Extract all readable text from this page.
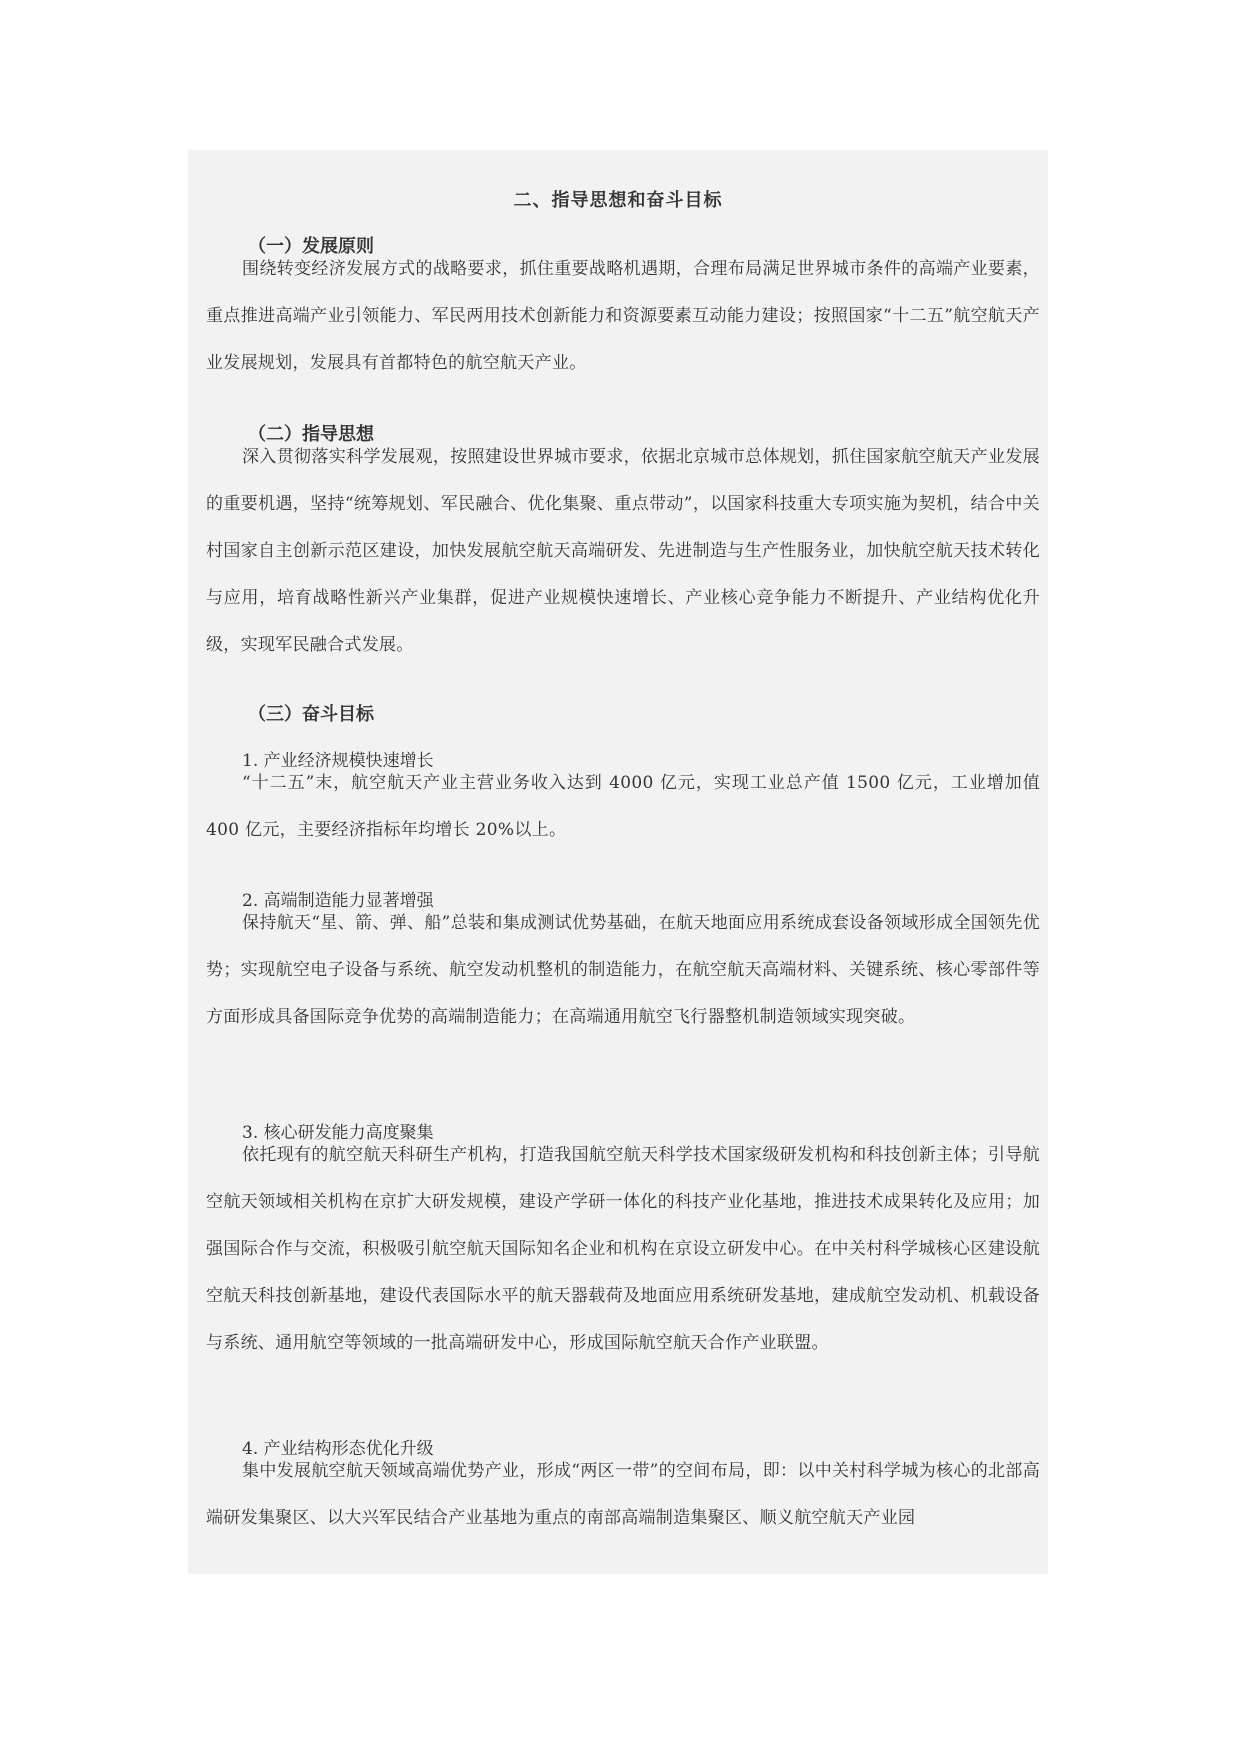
二、指导思想和奋斗目标
（一）发展原则

围绕转变经济发展方式的战略要求，抓住重要战略机遇期，合理布局满足世界城市条件的高端产业要素，重点推进高端产业引领能力、军民两用技术创新能力和资源要素互动能力建设；按照国家“十二五”航空航天产业发展规划，发展具有首都特色的航空航天产业。

（二）指导思想

深入贯彻落实科学发展观，按照建设世界城市要求，依据北京城市总体规划，抓住国家航空航天产业发展的重要机遇，坚持“统筹规划、军民融合、优化集聚、重点带动”，以国家科技重大专项实施为契机，结合中关村国家自主创新示范区建设，加快发展航空航天高端研发、先进制造与生产性服务业，加快航空航天技术转化与应用，培育战略性新兴产业集群，促进产业规模快速增长、产业核心竞争能力不断提升、产业结构优化升级，实现军民融合式发展。

（三）奋斗目标
1. 产业经济规模快速增长

“十二五”末，航空航天产业主营业务收入达到 4000 亿元，实现工业总产值 1500 亿元，工业增加值 400 亿元，主要经济指标年均增长 20%以上。

2. 高端制造能力显著增强

保持航天“星、箭、弹、船”总装和集成测试优势基础，在航天地面应用系统成套设备领域形成全国领先优势；实现航空电子设备与系统、航空发动机整机的制造能力，在航空航天高端材料、关键系统、核心零部件等方面形成具备国际竞争优势的高端制造能力；在高端通用航空飞行器整机制造领域实现突破。

3. 核心研发能力高度聚集

依托现有的航空航天科研生产机构，打造我国航空航天科学技术国家级研发机构和科技创新主体；引导航空航天领域相关机构在京扩大研发规模，建设产学研一体化的科技产业化基地，推进技术成果转化及应用；加强国际合作与交流，积极吸引航空航天国际知名企业和机构在京设立研发中心。在中关村科学城核心区建设航空航天科技创新基地，建设代表国际水平的航天器载荷及地面应用系统研发基地，建成航空发动机、机载设备与系统、通用航空等领域的一批高端研发中心，形成国际航空航天合作产业联盟。

4. 产业结构形态优化升级

集中发展航空航天领域高端优势产业，形成“两区一带”的空间布局，即：以中关村科学城为核心的北部高端研发集聚区、以大兴军民结合产业基地为重点的南部高端制造集聚区、顺义航空航天产业园
